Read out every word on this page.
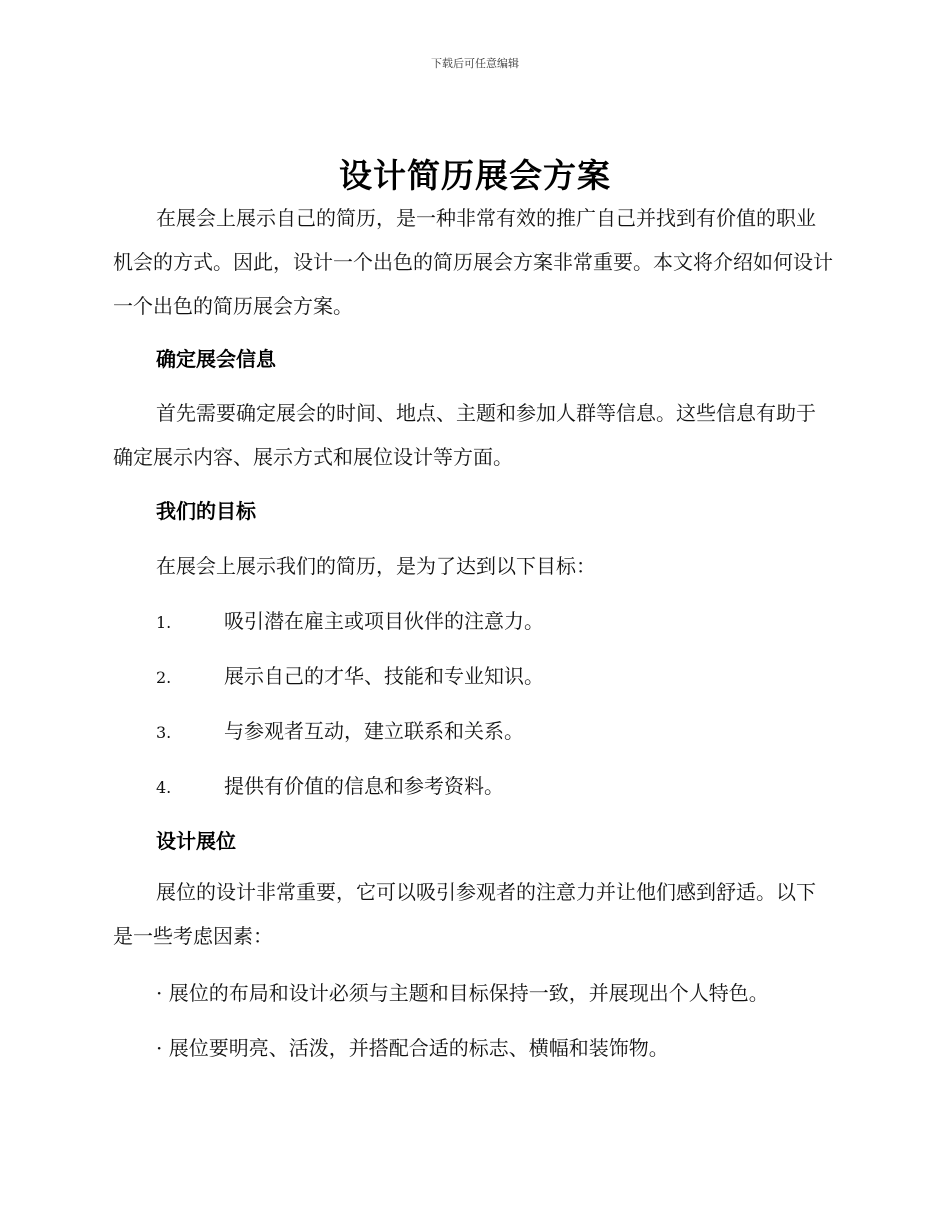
下载后可任意编辑
设计简历展会方案
在展会上展示自己的简历，是一种非常有效的推广自己并找到有价值的职业机会的方式。因此，设计一个出色的简历展会方案非常重要。本文将介绍如何设计一个出色的简历展会方案。
确定展会信息
首先需要确定展会的时间、地点、主题和参加人群等信息。这些信息有助于确定展示内容、展示方式和展位设计等方面。
我们的目标
在展会上展示我们的简历，是为了达到以下目标：
1.	吸引潜在雇主或项目伙伴的注意力。
2.	展示自己的才华、技能和专业知识。
3.	与参观者互动，建立联系和关系。
4.	提供有价值的信息和参考资料。
设计展位
展位的设计非常重要，它可以吸引参观者的注意力并让他们感到舒适。以下是一些考虑因素：
· 展位的布局和设计必须与主题和目标保持一致，并展现出个人特色。
· 展位要明亮、活泼，并搭配合适的标志、横幅和装饰物。
